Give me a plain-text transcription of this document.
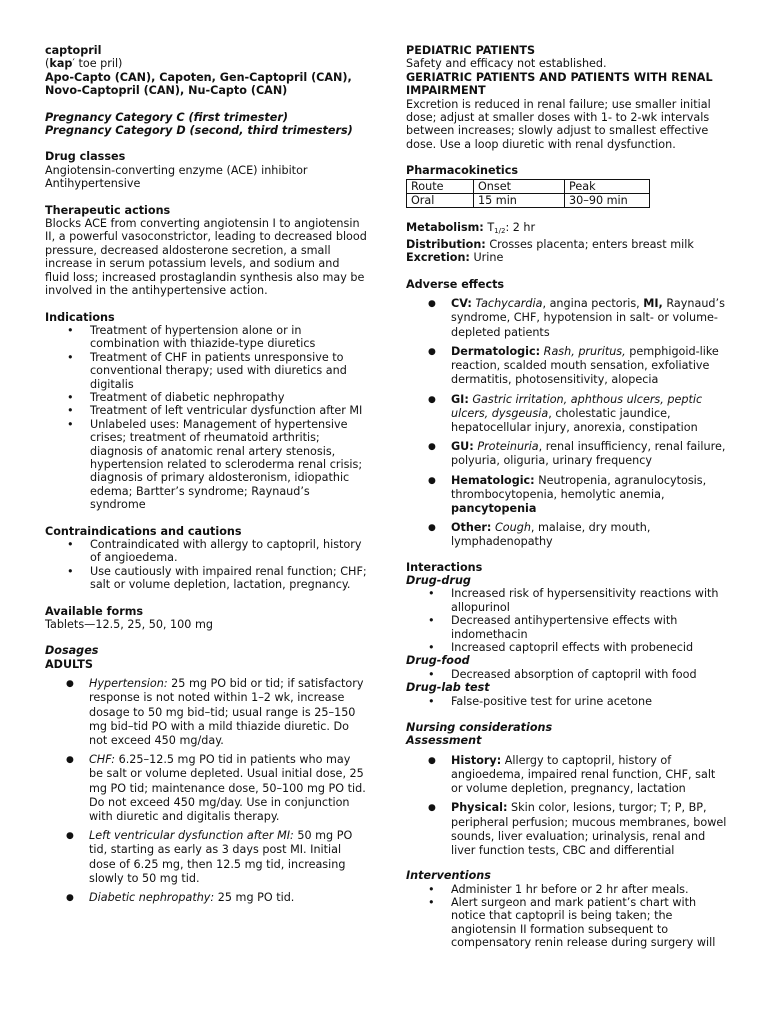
captopril
(kap′ toe pril)
Apo-Capto (CAN), Capoten, Gen-Captopril (CAN),
Novo-Captopril (CAN), Nu-Capto (CAN)
Pregnancy Category C (first trimester)
Pregnancy Category D (second, third trimesters)
Drug classes
Angiotensin-converting enzyme (ACE) inhibitor
Antihypertensive
Therapeutic actions
Blocks ACE from converting angiotensin I to angiotensin II, a powerful vasoconstrictor, leading to decreased blood pressure, decreased aldosterone secretion, a small increase in serum potassium levels, and sodium and fluid loss; increased prostaglandin synthesis also may be involved in the antihypertensive action.
Indications
• Treatment of hypertension alone or in combination with thiazide-type diuretics
• Treatment of CHF in patients unresponsive to conventional therapy; used with diuretics and digitalis
• Treatment of diabetic nephropathy
• Treatment of left ventricular dysfunction after MI
• Unlabeled uses: Management of hypertensive crises; treatment of rheumatoid arthritis; diagnosis of anatomic renal artery stenosis, hypertension related to scleroderma renal crisis; diagnosis of primary aldosteronism, idiopathic edema; Bartter’s syndrome; Raynaud’s syndrome
Contraindications and cautions
• Contraindicated with allergy to captopril, history of angioedema.
• Use cautiously with impaired renal function; CHF; salt or volume depletion, lactation, pregnancy.
Available forms
Tablets—12.5, 25, 50, 100 mg
Dosages
ADULTS
● Hypertension: 25 mg PO bid or tid; if satisfactory response is not noted within 1–2 wk, increase dosage to 50 mg bid–tid; usual range is 25–150 mg bid–tid PO with a mild thiazide diuretic. Do not exceed 450 mg/day.
● CHF: 6.25–12.5 mg PO tid in patients who may be salt or volume depleted. Usual initial dose, 25 mg PO tid; maintenance dose, 50–100 mg PO tid. Do not exceed 450 mg/day. Use in conjunction with diuretic and digitalis therapy.
● Left ventricular dysfunction after MI: 50 mg PO tid, starting as early as 3 days post MI. Initial dose of 6.25 mg, then 12.5 mg tid, increasing slowly to 50 mg tid.
● Diabetic nephropathy: 25 mg PO tid.
PEDIATRIC PATIENTS
Safety and efficacy not established.
GERIATRIC PATIENTS AND PATIENTS WITH RENAL IMPAIRMENT
Excretion is reduced in renal failure; use smaller initial dose; adjust at smaller doses with 1- to 2-wk intervals between increases; slowly adjust to smallest effective dose. Use a loop diuretic with renal dysfunction.
Pharmacokinetics
Route	Onset	Peak
Oral	15 min	30–90 min
Metabolism: $T_{1/2}$: 2 hr
Distribution: Crosses placenta; enters breast milk
Excretion: Urine
Adverse effects
● CV: Tachycardia, angina pectoris, MI, Raynaud’s syndrome, CHF, hypotension in salt- or volume-depleted patients
● Dermatologic: Rash, pruritus, pemphigoid-like reaction, scalded mouth sensation, exfoliative dermatitis, photosensitivity, alopecia
● GI: Gastric irritation, aphthous ulcers, peptic ulcers, dysgeusia, cholestatic jaundice, hepatocellular injury, anorexia, constipation
● GU: Proteinuria, renal insufficiency, renal failure, polyuria, oliguria, urinary frequency
● Hematologic: Neutropenia, agranulocytosis, thrombocytopenia, hemolytic anemia, pancytopenia
● Other: Cough, malaise, dry mouth, lymphadenopathy
Interactions
Drug-drug
• Increased risk of hypersensitivity reactions with allopurinol
• Decreased antihypertensive effects with indomethacin
• Increased captopril effects with probenecid
Drug-food
• Decreased absorption of captopril with food
Drug-lab test
• False-positive test for urine acetone
Nursing considerations
Assessment
● History: Allergy to captopril, history of angioedema, impaired renal function, CHF, salt or volume depletion, pregnancy, lactation
● Physical: Skin color, lesions, turgor; T; P, BP, peripheral perfusion; mucous membranes, bowel sounds, liver evaluation; urinalysis, renal and liver function tests, CBC and differential
Interventions
• Administer 1 hr before or 2 hr after meals.
• Alert surgeon and mark patient’s chart with notice that captopril is being taken; the angiotensin II formation subsequent to compensatory renin release during surgery will
